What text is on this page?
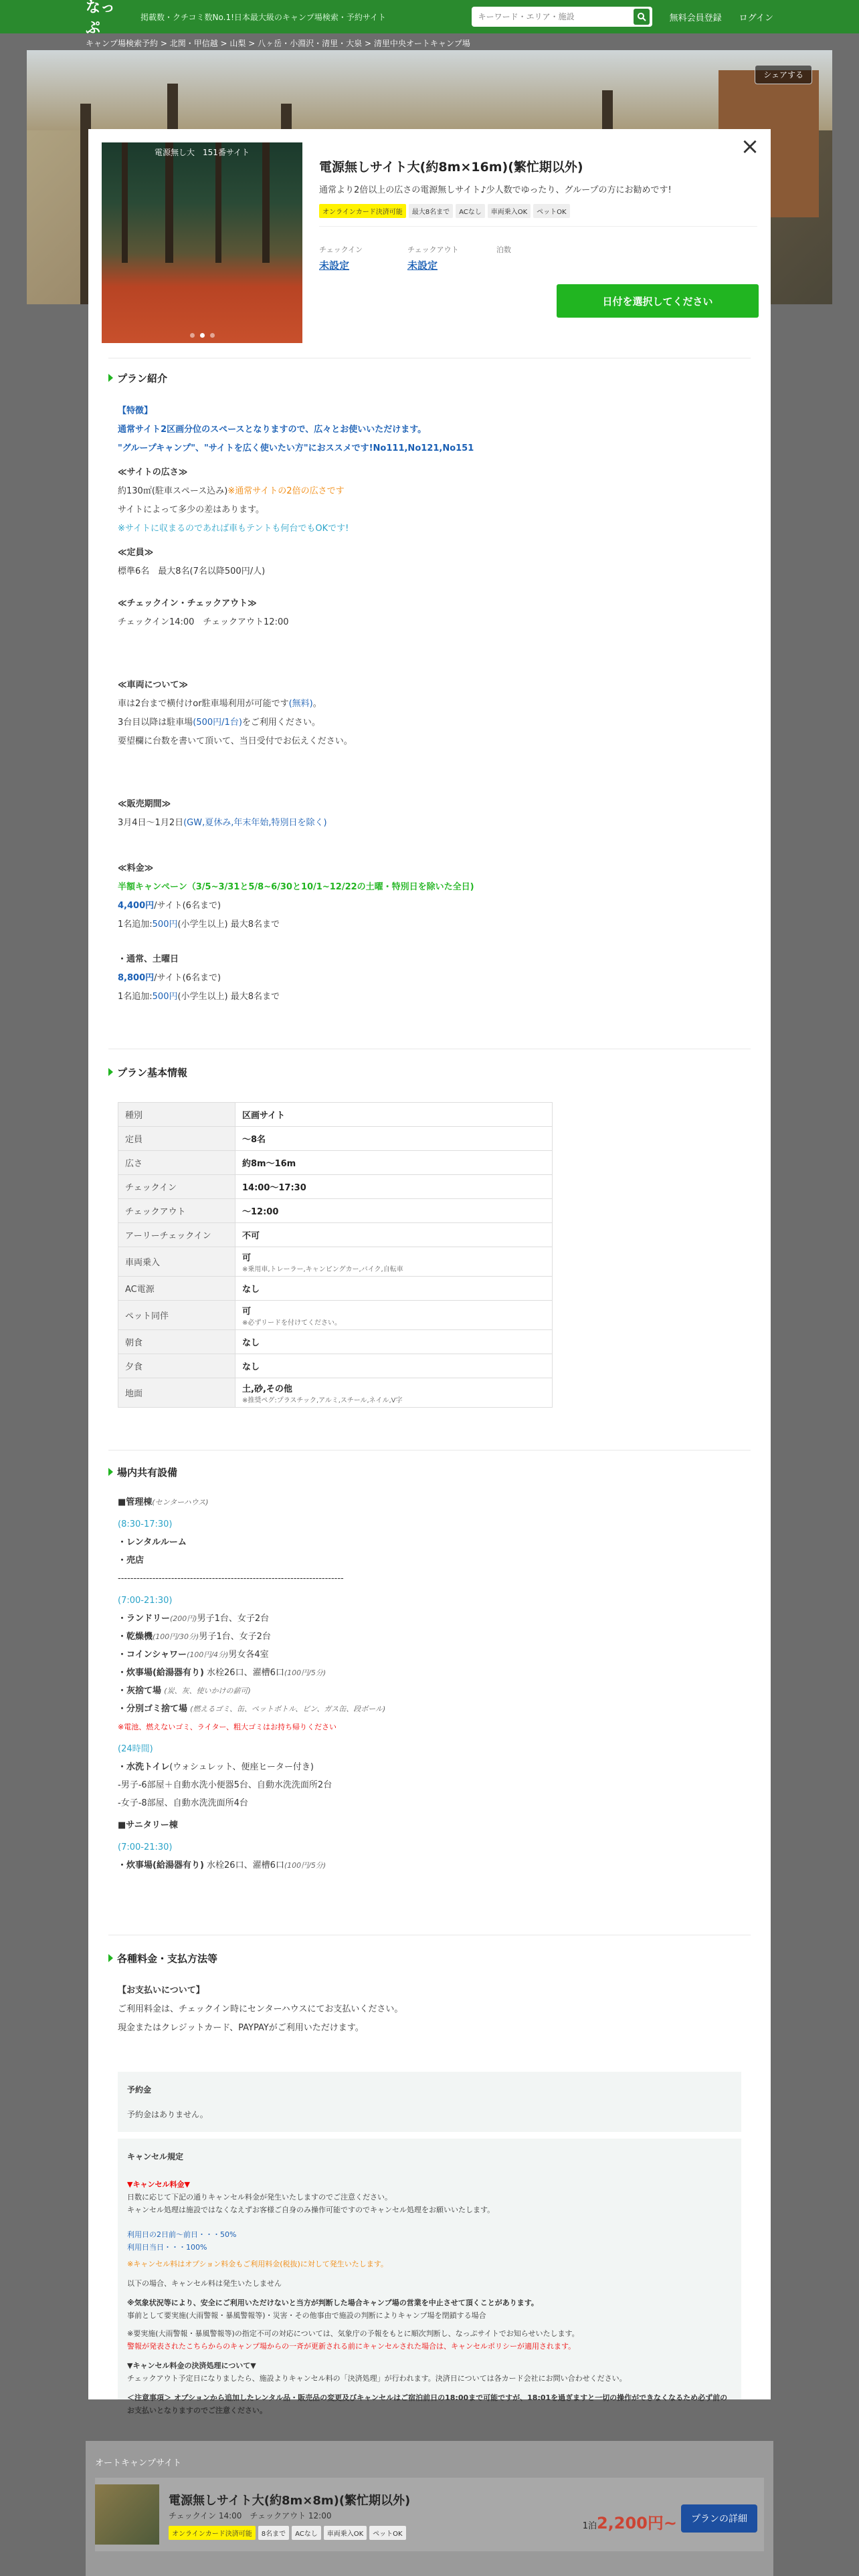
なっぷ
掲載数・クチコミ数No.1!日本最大級のキャンプ場検索・予約サイト
キーワード・エリア・施設	無料会員登録 ログイン
キャンプ場検索予約 > 北関・甲信越 > 山梨 > 八ヶ岳・小淵沢・清里・大泉 > 清里中央オートキャンプ場
シェアする
オートキャンプサイト
電源無しサイト大(約8m×8m)(繁忙期以外)
チェックイン 14:00　チェックアウト 12:00
オンラインカード決済可能	8名まで	ACなし	車両乗入OK	ペットOK
1泊2,200円~	プランの詳細
×
電源無し大　151番サイト
電源無しサイト大(約8m×16m)(繁忙期以外)
通常より2倍以上の広さの電源無しサイト♪少人数でゆったり、グループの方にお勧めです!
オンラインカード決済可能	最大8名まで	ACなし	車両乗入OK	ペットOK
チェックイン
未設定
チェックアウト
未設定
泊数
日付を選択してください
プラン紹介

【特徴】

通常サイト2区画分位のスペースとなりますので、広々とお使いいただけます。

"グループキャンプ"、"サイトを広く使いたい方"におススメです!No111,No121,No151

≪サイトの広さ≫

約130㎡(駐車スペース込み)※通常サイトの2倍の広さです

サイトによって多少の差はあります。

※サイトに収まるのであれば車もテントも何台でもOKです!

≪定員≫

標準6名　最大8名(7名以降500円/人)

≪チェックイン・チェックアウト≫

チェックイン14:00　チェックアウト12:00

≪車両について≫

車は2台まで横付けor駐車場利用が可能です(無料)。

3台目以降は駐車場(500円/1台)をご利用ください。

要望欄に台数を書いて頂いて、当日受付でお伝えください。

≪販売期間≫

3月4日〜1月2日(GW,夏休み,年末年始,特別日を除く)

≪料金≫

半額キャンペーン（3/5~3/31と5/8~6/30と10/1~12/22の土曜・特別日を除いた全日)

4,400円/サイト(6名まで)

1名追加:500円(小学生以上) 最大8名まで

・通常、土曜日

8,800円/サイト(6名まで)

1名追加:500円(小学生以上) 最大8名まで

プラン基本情報
種別	区画サイト
定員	～8名
広さ	約8m～16m
チェックイン	14:00～17:30
チェックアウト	～12:00
アーリーチェックイン	不可
車両乗入	可
※乗用車,トレーラー,キャンピングカー,バイク,自転車

AC電源	なし
ペット同伴	可
※必ずリードを付けてください。

朝食	なし
夕食	なし
地面	土,砂,その他
※推奨ペグ:プラスチック,アルミ,スチール,ネイル,V字
場内共有設備

■管理棟(センターハウス)

(8:30-17:30)

・レンタルルーム

・売店

------------------------------------------------------------------------

(7:00-21:30)

・ランドリー(200円)男子1台、女子2台

・乾燥機(100円/30分)男子1台、女子2台

・コインシャワー(100円/4分)男女各4室

・炊事場(給湯器有り) 水栓26口、濯槽6口(100円/5分)

・灰捨て場 (炭、灰、使いかけの薪可)

・分別ゴミ捨て場 (燃えるゴミ、缶、ペットボトル、ビン、ガス缶、段ボール)

※電池、燃えないゴミ、ライター、粗大ゴミはお持ち帰りください

(24時間)

・水洗トイレ(ウォシュレット、便座ヒーター付き)

-男子-6部屋＋自動水洗小便器5台、自動水洗洗面所2台

-女子-8部屋、自動水洗洗面所4台

■サニタリー棟

(7:00-21:30)

・炊事場(給湯器有り) 水栓26口、濯槽6口(100円/5分)

各種料金・支払方法等

【お支払いについて】

ご利用料金は、チェックイン時にセンターハウスにてお支払いください。

現金またはクレジットカード、PAYPAYがご利用いただけます。

予約金

予約金はありません。

キャンセル規定

▼キャンセル料金▼

日数に応じて下記の通りキャンセル料金が発生いたしますのでご注意ください。

キャンセル処理は施設ではなくなえずお客様ご自身のみ操作可能ですのでキャンセル処理をお願いいたします。

利用日の2日前〜前日・・・50%

利用日当日・・・100%

※キャンセル料はオプション料金もご利用料金(税抜)に対して発生いたします。

以下の場合、キャンセル料は発生いたしません

※気象状況等により、安全にご利用いただけないと当方が判断した場合キャンプ場の営業を中止させて頂くことがあります。

事前として要実施(大雨警報・暴風警報等)・災害・その他事由で施設の判断によりキャンプ場を閉鎖する場合

※要実施(大雨警報・暴風警報等)の指定不可の対応については、気象庁の予報をもとに順次判断し、なっぷサイトでお知らせいたします。

警報が発表されたこちらからのキャンプ場からの一斉が更新される前にキャンセルされた場合は、キャンセルポリシーが適用されます。

▼キャンセル料金の決済処理について▼

チェックアウト予定日になりましたら、施設よりキャンセル料の「決済処理」が行われます。決済日については各カード会社にお問い合わせください。

＜注意事項＞ オプションから追加したレンタル品・販売品の変更及びキャンセルはご宿泊前日の18:00まで可能ですが、18:01を過ぎますと一切の操作ができなくなるため必ず前のお支払いとなりますのでご注意ください。
